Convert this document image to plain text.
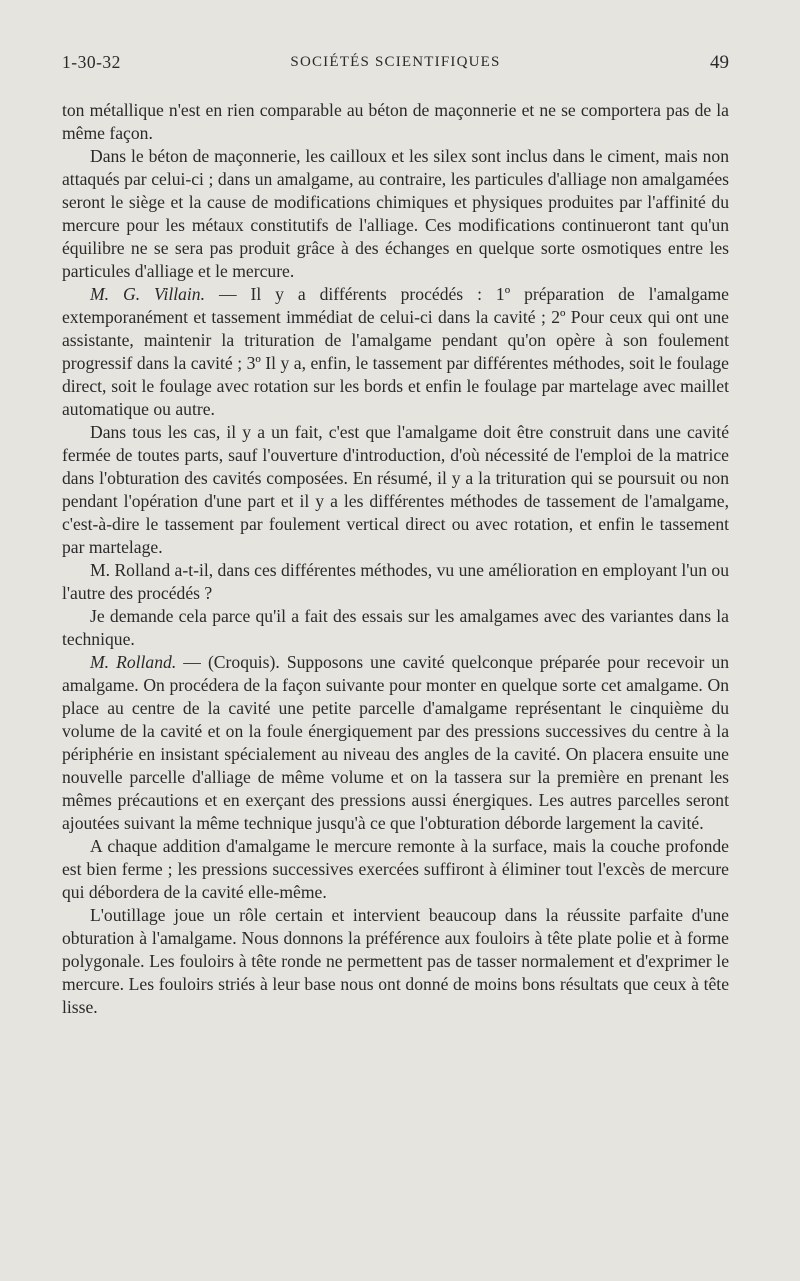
1-30-32	SOCIÉTÉS SCIENTIFIQUES	49

ton métallique n'est en rien comparable au béton de maçonnerie et ne se comportera pas de la même façon.

Dans le béton de maçonnerie, les cailloux et les silex sont inclus dans le ciment, mais non attaqués par celui-ci ; dans un amalgame, au contraire, les particules d'alliage non amalgamées seront le siège et la cause de modifications chimiques et physiques produites par l'affinité du mercure pour les métaux constitutifs de l'alliage. Ces modifications continueront tant qu'un équilibre ne se sera pas produit grâce à des échanges en quelque sorte osmotiques entre les particules d'alliage et le mercure.

M. G. Villain. — Il y a différents procédés : 1º préparation de l'amalgame extemporanément et tassement immédiat de celui-ci dans la cavité ; 2º Pour ceux qui ont une assistante, maintenir la trituration de l'amalgame pendant qu'on opère à son foulement progressif dans la cavité ; 3º Il y a, enfin, le tassement par différentes méthodes, soit le foulage direct, soit le foulage avec rotation sur les bords et enfin le foulage par martelage avec maillet automatique ou autre.

Dans tous les cas, il y a un fait, c'est que l'amalgame doit être construit dans une cavité fermée de toutes parts, sauf l'ouverture d'introduction, d'où nécessité de l'emploi de la matrice dans l'obturation des cavités composées. En résumé, il y a la trituration qui se poursuit ou non pendant l'opération d'une part et il y a les différentes méthodes de tassement de l'amalgame, c'est-à-dire le tassement par foulement vertical direct ou avec rotation, et enfin le tassement par martelage.

M. Rolland a-t-il, dans ces différentes méthodes, vu une amélioration en employant l'un ou l'autre des procédés ?

Je demande cela parce qu'il a fait des essais sur les amalgames avec des variantes dans la technique.

M. Rolland. — (Croquis). Supposons une cavité quelconque préparée pour recevoir un amalgame. On procédera de la façon suivante pour monter en quelque sorte cet amalgame. On place au centre de la cavité une petite parcelle d'amalgame représentant le cinquième du volume de la cavité et on la foule énergiquement par des pressions successives du centre à la périphérie en insistant spécialement au niveau des angles de la cavité. On placera ensuite une nouvelle parcelle d'alliage de même volume et on la tassera sur la première en prenant les mêmes précautions et en exerçant des pressions aussi énergiques. Les autres parcelles seront ajoutées suivant la même technique jusqu'à ce que l'obturation déborde largement la cavité.

A chaque addition d'amalgame le mercure remonte à la surface, mais la couche profonde est bien ferme ; les pressions successives exercées suffiront à éliminer tout l'excès de mercure qui débordera de la cavité elle-même.

L'outillage joue un rôle certain et intervient beaucoup dans la réussite parfaite d'une obturation à l'amalgame. Nous donnons la préférence aux fouloirs à tête plate polie et à forme polygonale. Les fouloirs à tête ronde ne permettent pas de tasser normalement et d'exprimer le mercure. Les fouloirs striés à leur base nous ont donné de moins bons résultats que ceux à tête lisse.
